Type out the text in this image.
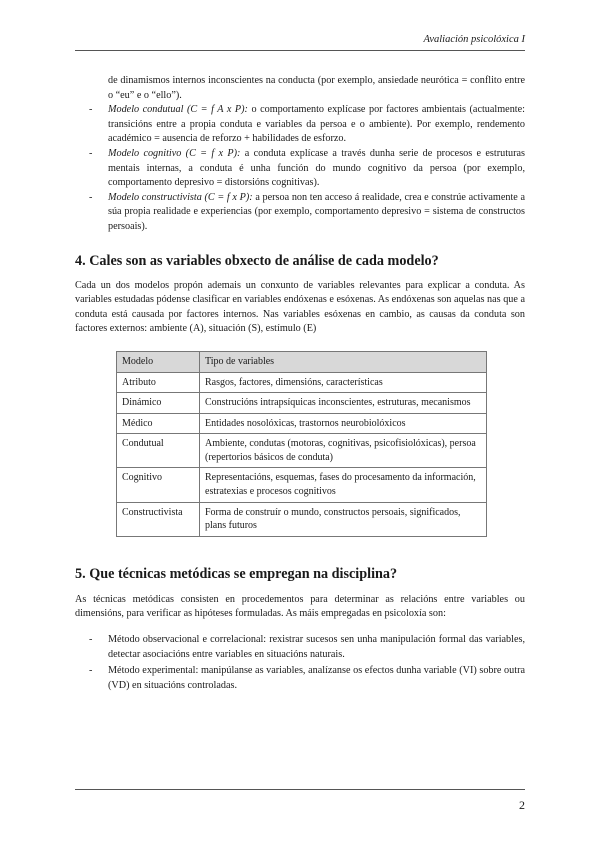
Avaliación psicolóxica I

de dinamismos internos inconscientes na conducta (por exemplo, ansiedade neurótica = conflito entre o “eu” e o “ello”).

- Modelo condutual (C = f A x P): o comportamento explícase por factores ambientais (actualmente: transicións entre a propia conduta e variables da persoa e o ambiente). Por exemplo, rendemento académico = ausencia de reforzo + habilidades de esforzo.
- Modelo cognitivo (C = f x P): a conduta explícase a través dunha serie de procesos e estruturas mentais internas, a conduta é unha función do mundo cognitivo da persoa (por exemplo, comportamento depresivo = distorsións cognitivas).
- Modelo constructivista (C = f x P): a persoa non ten acceso á realidade, crea e constrúe activamente a súa propia realidade e experiencias (por exemplo, comportamento depresivo = sistema de constructos persoais).
4. Cales son as variables obxecto de análise de cada modelo?

Cada un dos modelos propón ademais un conxunto de variables relevantes para explicar a conduta. As variables estudadas pódense clasificar en variables endóxenas e esóxenas. As endóxenas son aquelas nas que a conduta está causada por factores internos. Nas variables esóxenas en cambio, as causas da conduta son factores externos: ambiente (A), situación (S), estímulo (E)

Modelo	Tipo de variables
Atributo	Rasgos, factores, dimensións, características
Dinámico	Construcións intrapsíquicas inconscientes, estruturas, mecanismos
Médico	Entidades nosolóxicas, trastornos neurobiolóxicos
Condutual	Ambiente, condutas (motoras, cognitivas, psicofisiolóxicas), persoa (repertorios básicos de conduta)
Cognitivo	Representacións, esquemas, fases do procesamento da información, estratexias e procesos cognitivos
Constructivista	Forma de construír o mundo, constructos persoais, significados, plans futuros
5. Que técnicas metódicas se empregan na disciplina?

As técnicas metódicas consisten en procedementos para determinar as relacións entre variables ou dimensións, para verificar as hipóteses formuladas. As máis empregadas en psicoloxía son:

- Método observacional e correlacional: rexistrar sucesos sen unha manipulación formal das variables, detectar asociacións entre variables en situacións naturais.
- Método experimental: manipúlanse as variables, analízanse os efectos dunha variable (VI) sobre outra (VD) en situacións controladas.
2
